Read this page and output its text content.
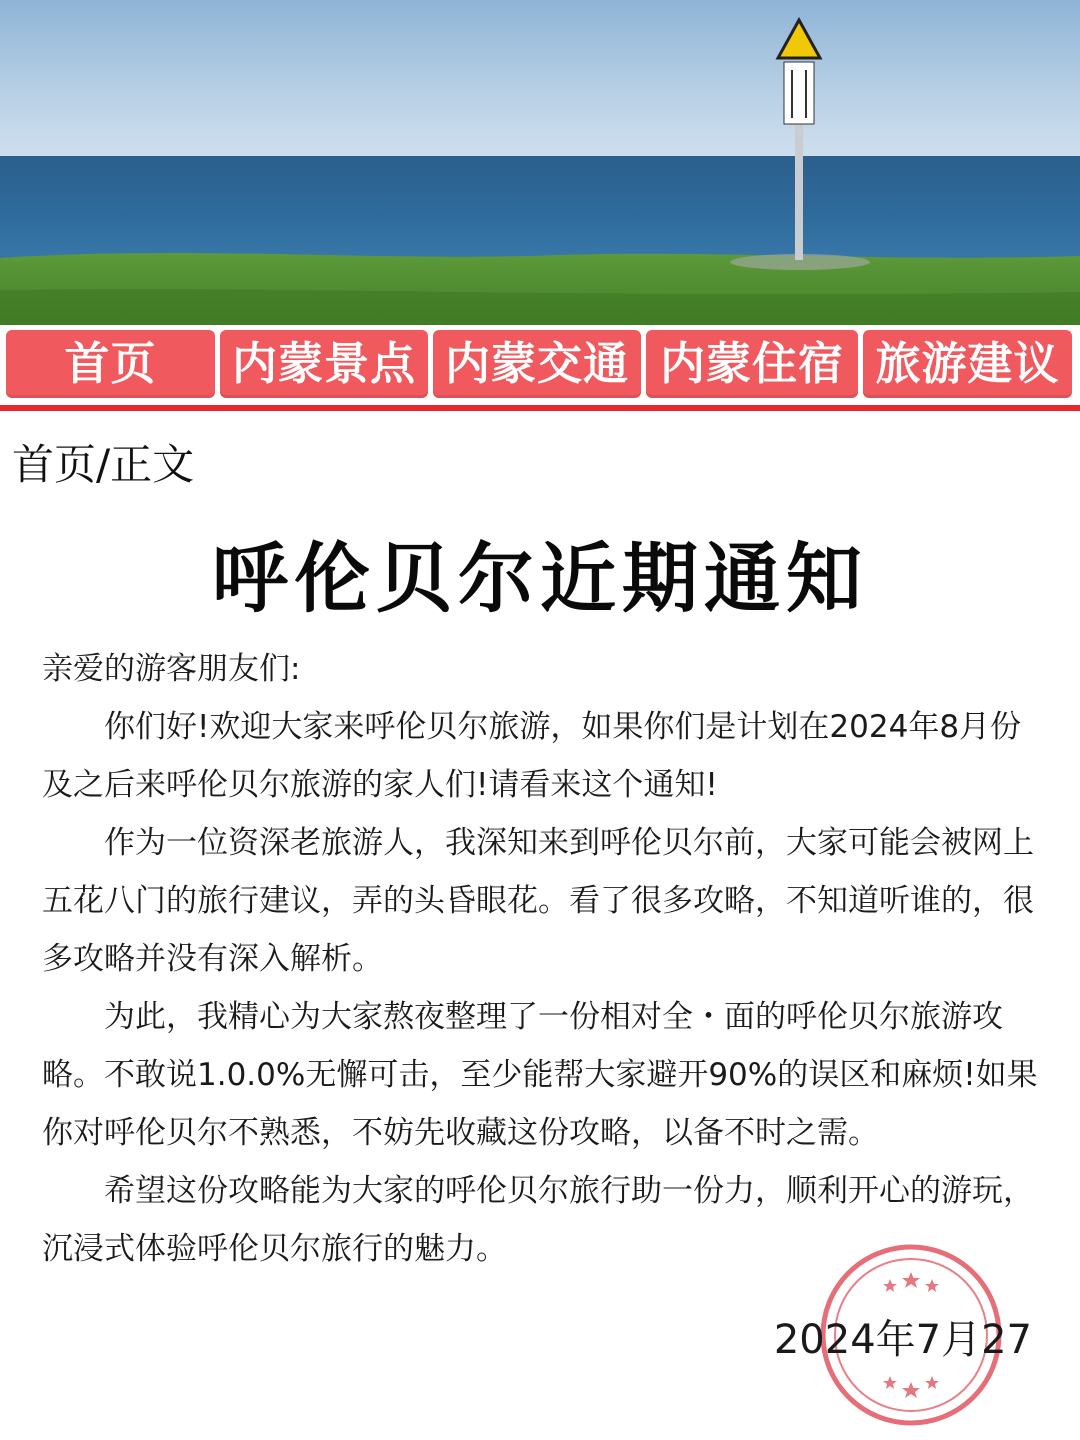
首页	内蒙景点 内蒙交通 内蒙住宿 旅游建议
首页/正文
呼伦贝尔近期通知

亲爱的游客朋友们:

你们好!欢迎大家来呼伦贝尔旅游，如果你们是计划在2024年8月份及之后来呼伦贝尔旅游的家人们!请看来这个通知!

作为一位资深老旅游人，我深知来到呼伦贝尔前，大家可能会被网上五花八门的旅行建议，弄的头昏眼花。看了很多攻略，不知道听谁的，很多攻略并没有深入解析。

为此，我精心为大家熬夜整理了一份相对全・面的呼伦贝尔旅游攻略。不敢说1.0.0%无懈可击，至少能帮大家避开90%的误区和麻烦!如果你对呼伦贝尔不熟悉，不妨先收藏这份攻略，以备不时之需。

希望这份攻略能为大家的呼伦贝尔旅行助一份力，顺利开心的游玩，沉浸式体验呼伦贝尔旅行的魅力。

2024年7月27
